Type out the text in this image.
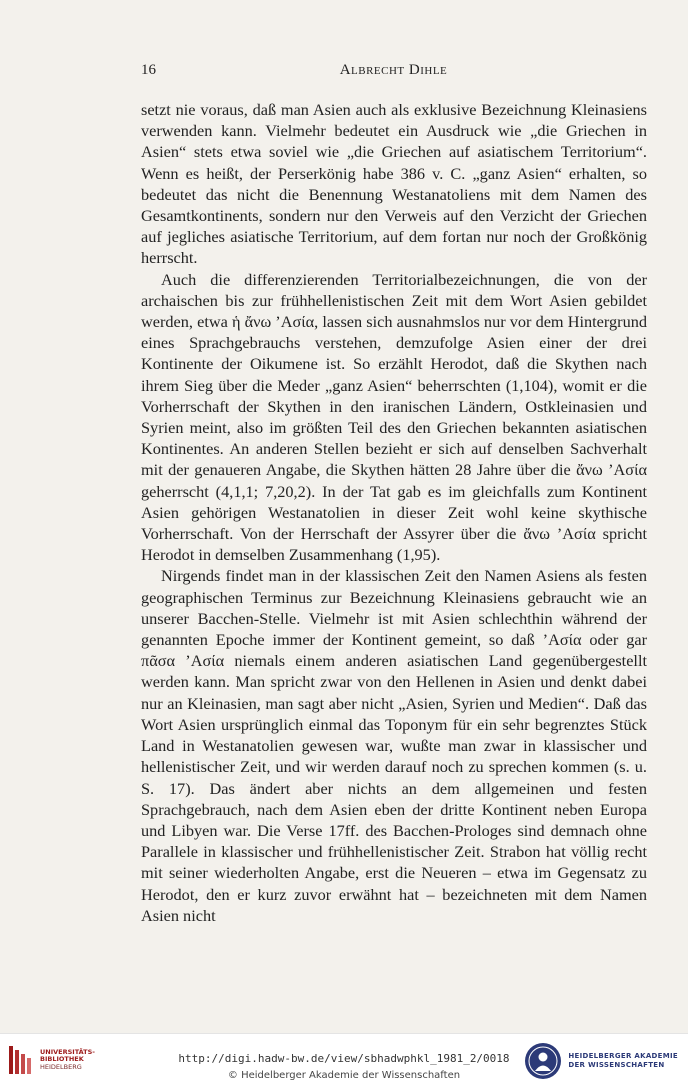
16	Albrecht Dihle

setzt nie voraus, daß man Asien auch als exklusive Bezeichnung Kleinasiens verwenden kann. Vielmehr bedeutet ein Ausdruck wie „die Griechen in Asien“ stets etwa soviel wie „die Griechen auf asiatischem Territorium“. Wenn es heißt, der Perserkönig habe 386 v. C. „ganz Asien“ erhalten, so bedeutet das nicht die Benennung Westanatoliens mit dem Namen des Gesamtkontinents, sondern nur den Verweis auf den Verzicht der Griechen auf jegliches asiatische Territorium, auf dem fortan nur noch der Großkönig herrscht.

Auch die differenzierenden Territorialbezeichnungen, die von der archaischen bis zur frühhellenistischen Zeit mit dem Wort Asien gebildet werden, etwa ἡ ἄνω ’Ασία, lassen sich ausnahmslos nur vor dem Hintergrund eines Sprachgebrauchs verstehen, demzufolge Asien einer der drei Kontinente der Oikumene ist. So erzählt Herodot, daß die Skythen nach ihrem Sieg über die Meder „ganz Asien“ beherrschten (1,104), womit er die Vorherrschaft der Skythen in den iranischen Ländern, Ostkleinasien und Syrien meint, also im größten Teil des den Griechen bekannten asiatischen Kontinentes. An anderen Stellen bezieht er sich auf denselben Sachverhalt mit der genaueren Angabe, die Skythen hätten 28 Jahre über die ἄνω ’Ασία geherrscht (4,1,1; 7,20,2). In der Tat gab es im gleichfalls zum Kontinent Asien gehörigen Westanatolien in dieser Zeit wohl keine skythische Vorherrschaft. Von der Herrschaft der Assyrer über die ἄνω ’Ασία spricht Herodot in demselben Zusammenhang (1,95).

Nirgends findet man in der klassischen Zeit den Namen Asiens als festen geographischen Terminus zur Bezeichnung Kleinasiens gebraucht wie an unserer Bacchen-Stelle. Vielmehr ist mit Asien schlechthin während der genannten Epoche immer der Kontinent gemeint, so daß ’Ασία oder gar πᾶσα ’Ασία niemals einem anderen asiatischen Land gegenübergestellt werden kann. Man spricht zwar von den Hellenen in Asien und denkt dabei nur an Kleinasien, man sagt aber nicht „Asien, Syrien und Medien“. Daß das Wort Asien ursprünglich einmal das Toponym für ein sehr begrenztes Stück Land in Westanatolien gewesen war, wußte man zwar in klassischer und hellenistischer Zeit, und wir werden darauf noch zu sprechen kommen (s. u. S. 17). Das ändert aber nichts an dem allgemeinen und festen Sprachgebrauch, nach dem Asien eben der dritte Kontinent neben Europa und Libyen war. Die Verse 17ff. des Bacchen-Prologes sind demnach ohne Parallele in klassischer und frühhellenistischer Zeit. Strabon hat völlig recht mit seiner wiederholten Angabe, erst die Neueren – etwa im Gegensatz zu Herodot, den er kurz zuvor erwähnt hat – bezeichneten mit dem Namen Asien nicht

UNIVERSITÄTS-
BIBLIOTHEK
HEIDELBERG
http://digi.hadw-bw.de/view/sbhadwphkl_1981_2/0018
© Heidelberger Akademie der Wissenschaften
HEIDELBERGER AKADEMIE
DER WISSENSCHAFTEN
